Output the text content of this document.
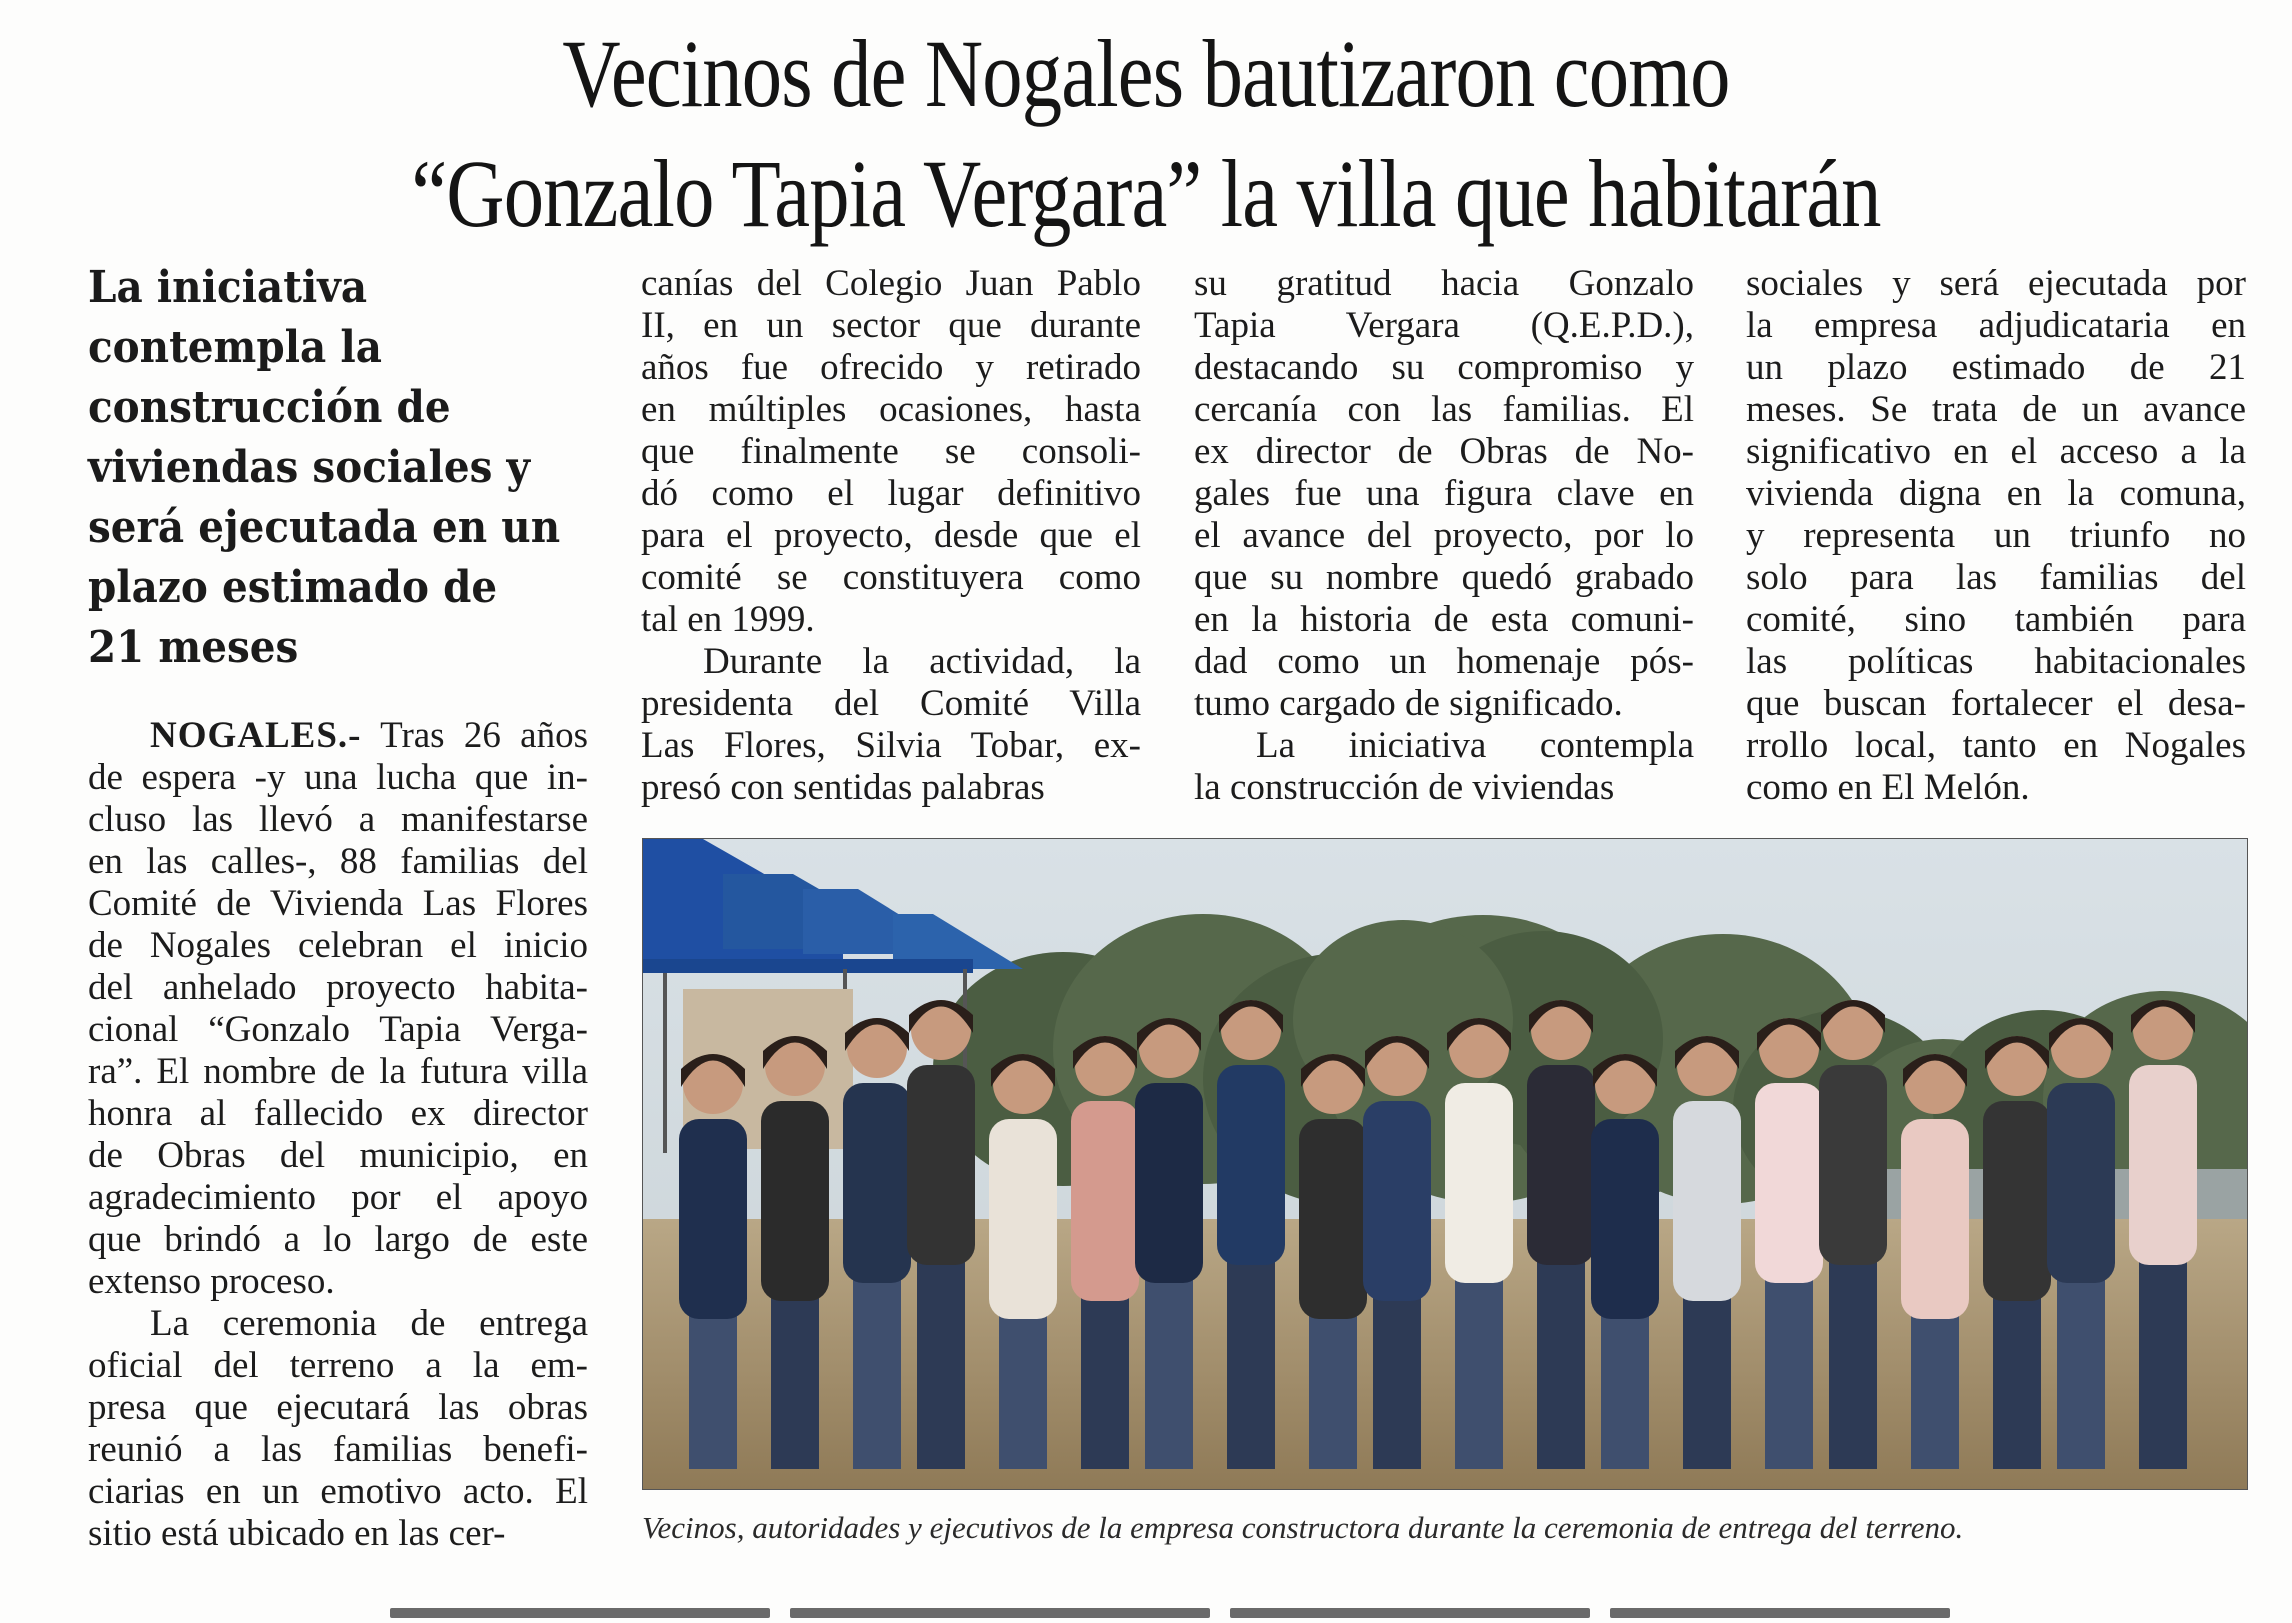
Vecinos de Nogales bautizaron como
“Gonzalo Tapia Vergara” la villa que habitarán
La iniciativa
contempla la
construcción de
viviendas sociales y
será ejecutada en un
plazo estimado de
21 meses
NOGALES.- Tras 26 años
de espera -y una lucha que in-
cluso las llevó a manifestarse
en las calles-, 88 familias del
Comité de Vivienda Las Flores
de Nogales celebran el inicio
del anhelado proyecto habita-
cional “Gonzalo Tapia Verga-
ra”. El nombre de la futura villa
honra al fallecido ex director
de Obras del municipio, en
agradecimiento por el apoyo
que brindó a lo largo de este
extenso proceso.
La ceremonia de entrega
oficial del terreno a la em-
presa que ejecutará las obras
reunió a las familias benefi-
ciarias en un emotivo acto. El
sitio está ubicado en las cer-
canías del Colegio Juan Pablo
II, en un sector que durante
años fue ofrecido y retirado
en múltiples ocasiones, hasta
que finalmente se consoli-
dó como el lugar definitivo
para el proyecto, desde que el
comité se constituyera como
tal en 1999.
Durante la actividad, la
presidenta del Comité Villa
Las Flores, Silvia Tobar, ex-
presó con sentidas palabras
su gratitud hacia Gonzalo
Tapia Vergara (Q.E.P.D.),
destacando su compromiso y
cercanía con las familias. El
ex director de Obras de No-
gales fue una figura clave en
el avance del proyecto, por lo
que su nombre quedó grabado
en la historia de esta comuni-
dad como un homenaje pós-
tumo cargado de significado.
La iniciativa contempla
la construcción de viviendas
sociales y será ejecutada por
la empresa adjudicataria en
un plazo estimado de 21
meses. Se trata de un avance
significativo en el acceso a la
vivienda digna en la comuna,
y representa un triunfo no
solo para las familias del
comité, sino también para
las políticas habitacionales
que buscan fortalecer el desa-
rrollo local, tanto en Nogales
como en El Melón.
Vecinos, autoridades y ejecutivos de la empresa constructora durante la ceremonia de entrega del terreno.
